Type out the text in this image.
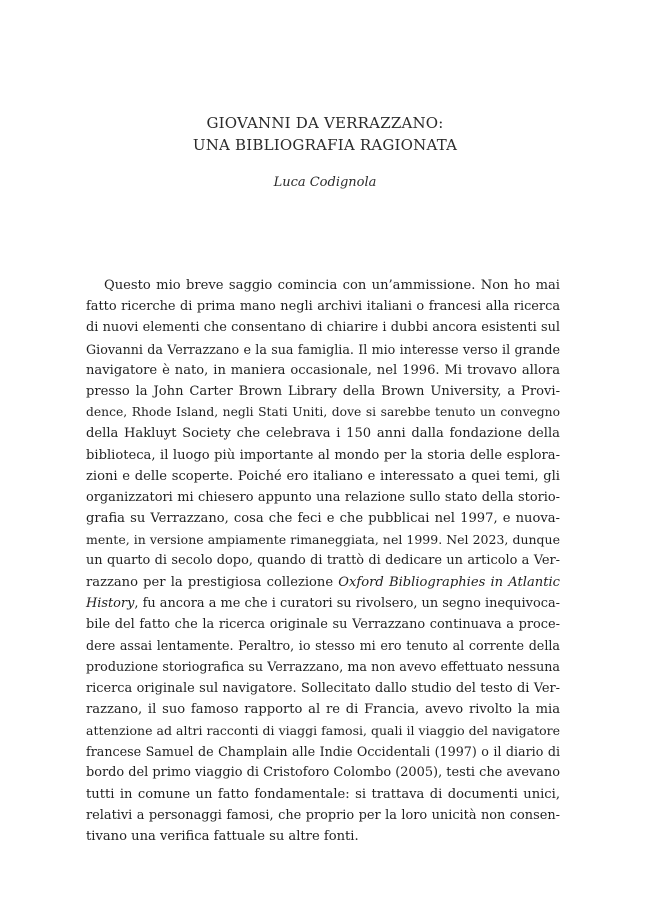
GIOVANNI DA VERRAZZANO:
UNA BIBLIOGRAFIA RAGIONATA
Luca Codignola
Questo mio breve saggio comincia con un’ammissione. Non ho mai
fatto ricerche di prima mano negli archivi italiani o francesi alla ricerca
di nuovi elementi che consentano di chiarire i dubbi ancora esistenti sul
Giovanni da Verrazzano e la sua famiglia. Il mio interesse verso il grande
navigatore è nato, in maniera occasionale, nel 1996. Mi trovavo allora
presso la John Carter Brown Library della Brown University, a Provi-
dence, Rhode Island, negli Stati Uniti, dove si sarebbe tenuto un convegno
della Hakluyt Society che celebrava i 150 anni dalla fondazione della
biblioteca, il luogo più importante al mondo per la storia delle esplora-
zioni e delle scoperte. Poiché ero italiano e interessato a quei temi, gli
organizzatori mi chiesero appunto una relazione sullo stato della storio-
grafia su Verrazzano, cosa che feci e che pubblicai nel 1997, e nuova-
mente, in versione ampiamente rimaneggiata, nel 1999. Nel 2023, dunque
un quarto di secolo dopo, quando di trattò di dedicare un articolo a Ver-
razzano per la prestigiosa collezione Oxford Bibliographies in Atlantic
History, fu ancora a me che i curatori su rivolsero, un segno inequivoca-
bile del fatto che la ricerca originale su Verrazzano continuava a proce-
dere assai lentamente. Peraltro, io stesso mi ero tenuto al corrente della
produzione storiografica su Verrazzano, ma non avevo effettuato nessuna
ricerca originale sul navigatore. Sollecitato dallo studio del testo di Ver-
razzano, il suo famoso rapporto al re di Francia, avevo rivolto la mia
attenzione ad altri racconti di viaggi famosi, quali il viaggio del navigatore
francese Samuel de Champlain alle Indie Occidentali (1997) o il diario di
bordo del primo viaggio di Cristoforo Colombo (2005), testi che avevano
tutti in comune un fatto fondamentale: si trattava di documenti unici,
relativi a personaggi famosi, che proprio per la loro unicità non consen-
tivano una verifica fattuale su altre fonti.
